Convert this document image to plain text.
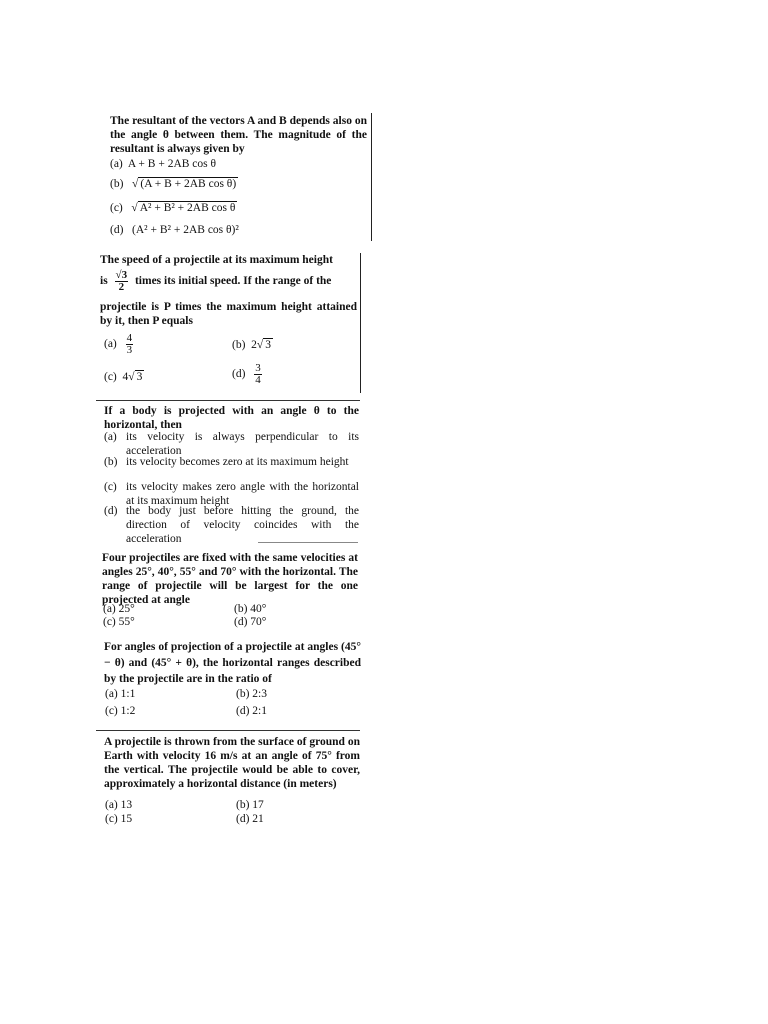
The resultant of the vectors A and B depends also on the angle θ between them. The magnitude of the resultant is always given by
(a) A + B + 2AB cos θ
(b) √ (A + B + 2AB cos θ)
(c) √ A² + B² + 2AB cos θ
(d) (A² + B² + 2AB cos θ)²
The speed of a projectile at its maximum height
is $\frac{√3}{2}$ times its initial speed. If the range of the
projectile is P times the maximum height attained by it, then P equals
$(a) \frac{4}{3}$	(b) 2√ 3
(c) 4√ 3	$(d) \frac{3}{4}$
If a body is projected with an angle θ to the horizontal, then
(a) its velocity is always perpendicular to its acceleration
(b) its velocity becomes zero at its maximum height
(c) its velocity makes zero angle with the horizontal at its maximum height
(d) the body just before hitting the ground, the direction of velocity coincides with the acceleration
Four projectiles are fixed with the same velocities at angles 25°, 40°, 55° and 70° with the horizontal. The range of projectile will be largest for the one projected at angle
(a) 25°	(b) 40°
(c) 55°	(d) 70°
For angles of projection of a projectile at angles (45° − θ) and (45° + θ), the horizontal ranges described by the projectile are in the ratio of
(a) 1:1	(b) 2:3
(c) 1:2	(d) 2:1
A projectile is thrown from the surface of ground on Earth with velocity 16 m/s at an angle of 75° from the vertical. The projectile would be able to cover, approximately a horizontal distance (in meters)
(a) 13	(b) 17
(c) 15	(d) 21
